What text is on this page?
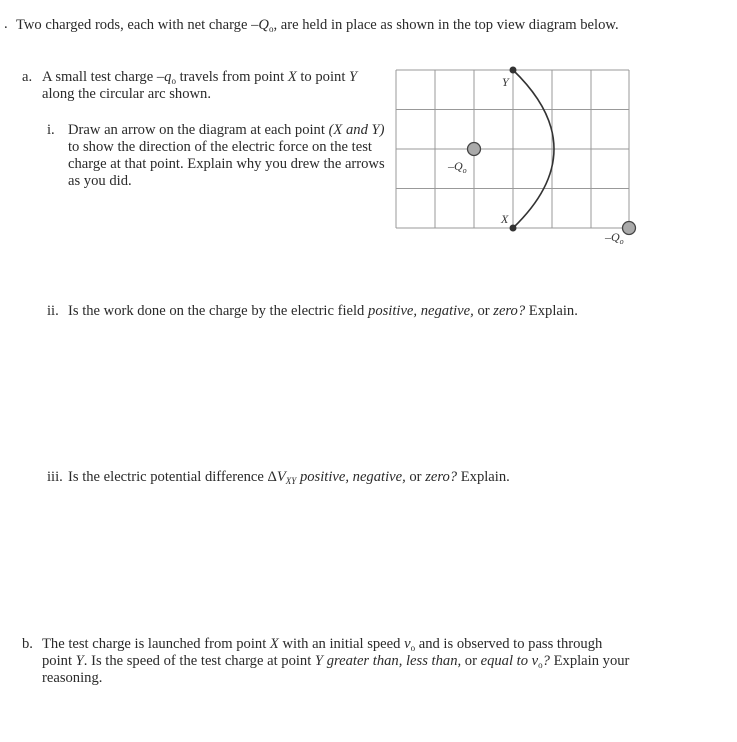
. Two charged rods, each with net charge $-Q_o$, are held in place as shown in the top view diagram below.
a. A small test charge $-q_o$ travels from point X to point Y along the circular arc shown.
i. Draw an arrow on the diagram at each point (X and Y) to show the direction of the electric force on the test charge at that point. Explain why you drew the arrows as you did.
Y
X
$-Q_o$
$-Q_o$
ii. Is the work done on the charge by the electric field positive, negative, or zero? Explain.
iii. Is the electric potential difference $\Delta V_{XY}$ positive, negative, or zero? Explain.
b. The test charge is launched from point X with an initial speed $v_o$ and is observed to pass through point Y. Is the speed of the test charge at point Y greater than, less than, or equal to $v_o$? Explain your reasoning.
